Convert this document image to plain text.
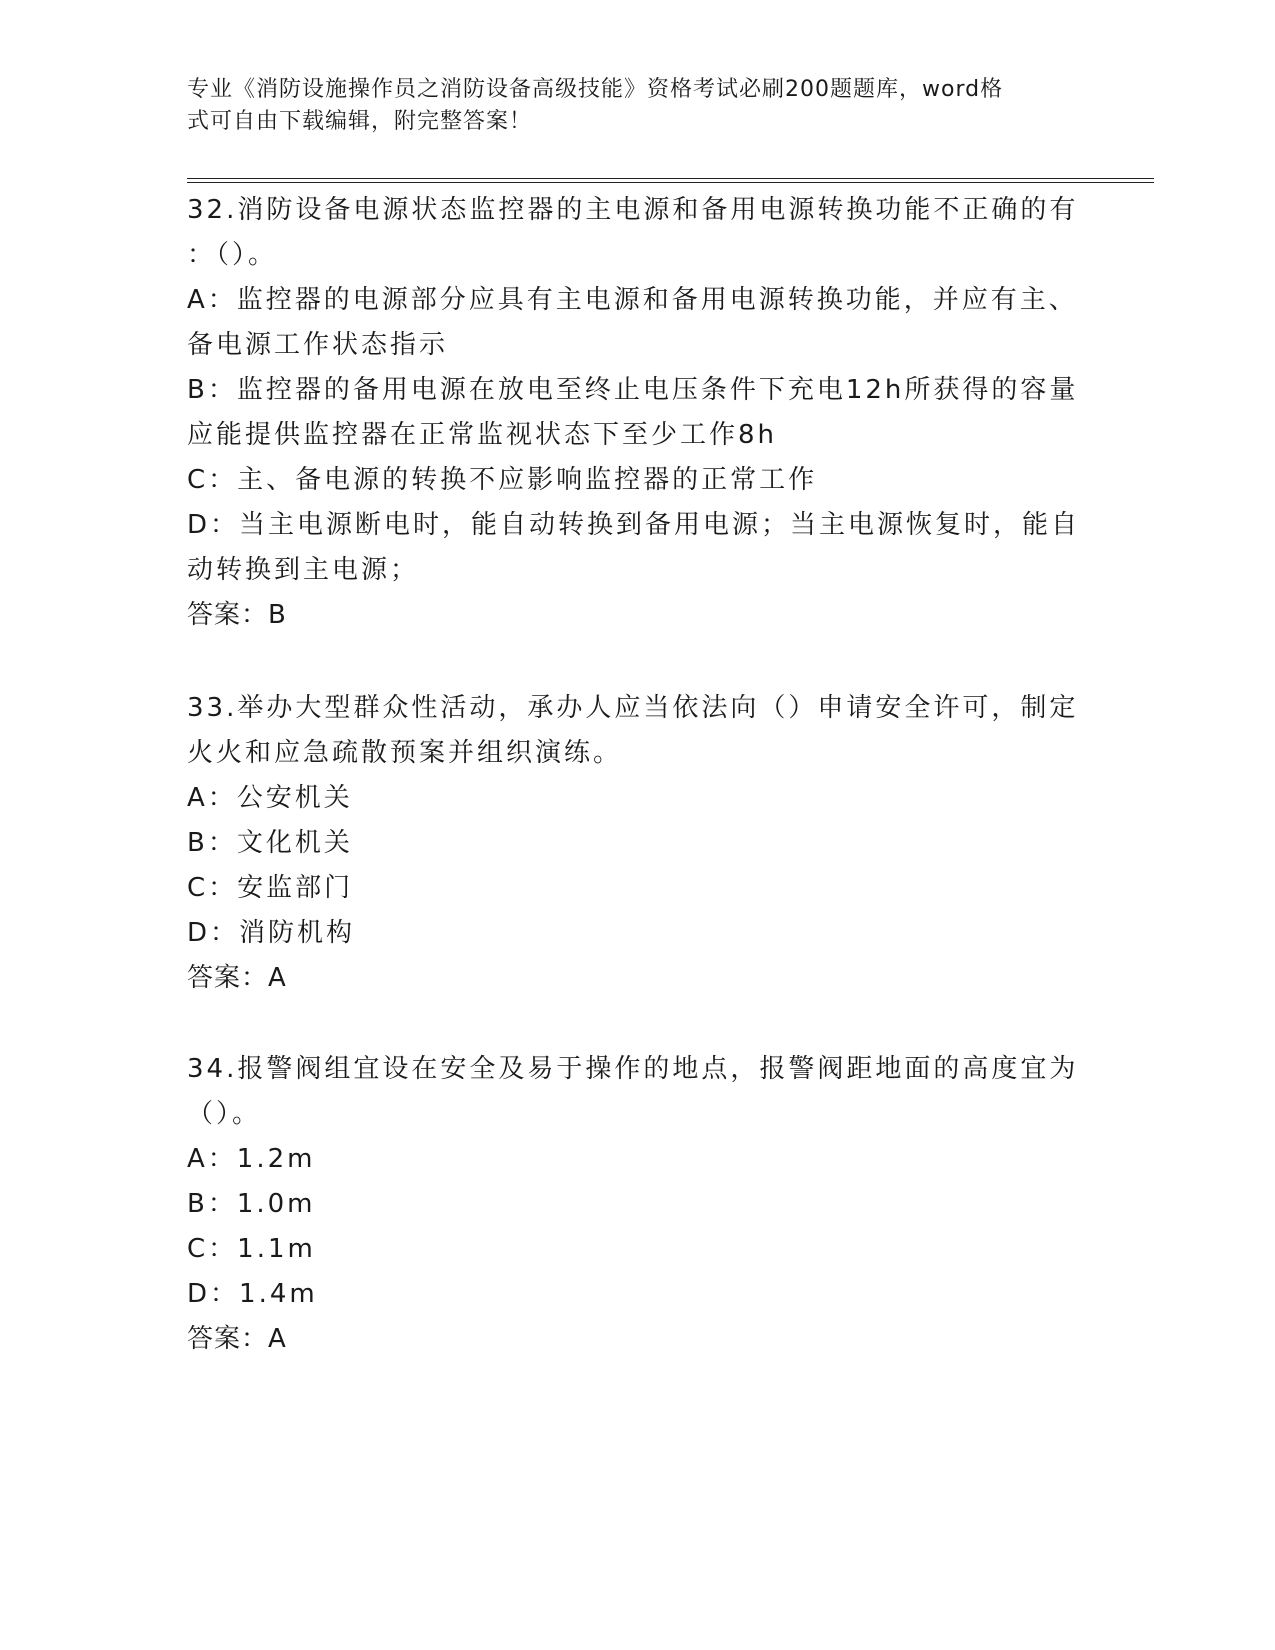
专业《消防设施操作员之消防设备高级技能》资格考试必刷200题题库，word格
式可自由下载编辑，附完整答案！
32.消防设备电源状态监控器的主电源和备用电源转换功能不正确的有
：（）。
A：监控器的电源部分应具有主电源和备用电源转换功能，并应有主、
备电源工作状态指示
B：监控器的备用电源在放电至终止电压条件下充电12h所获得的容量
应能提供监控器在正常监视状态下至少工作8h
C：主、备电源的转换不应影响监控器的正常工作
D：当主电源断电时，能自动转换到备用电源；当主电源恢复时，能自
动转换到主电源；
答案：B
33.举办大型群众性活动，承办人应当依法向（）申请安全许可，制定
火火和应急疏散预案并组织演练。
A：公安机关
B：文化机关
C：安监部门
D：消防机构
答案：A
34.报警阀组宜设在安全及易于操作的地点，报警阀距地面的高度宜为
（）。
A：1.2m
B：1.0m
C：1.1m
D：1.4m
答案：A
